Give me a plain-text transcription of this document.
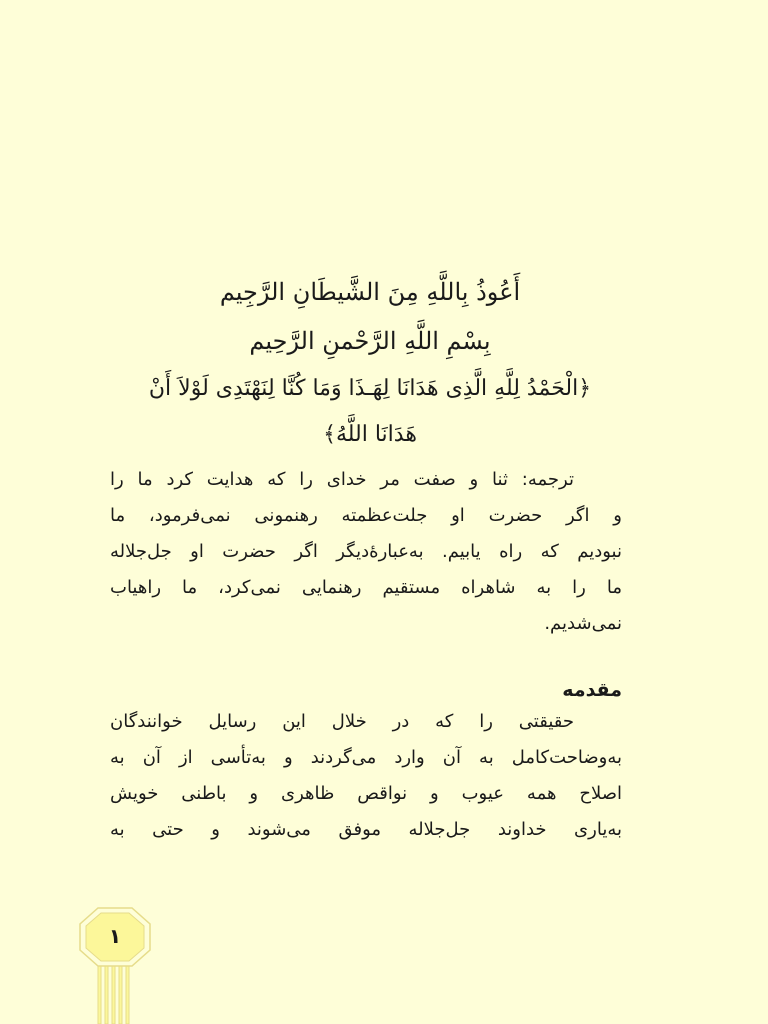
أَعُوذُ بِاللَّهِ مِنَ الشَّيطَانِ الرَّجِيم
بِسْمِ اللَّهِ الرَّحْمنِ الرَّحِيم
﴿الْحَمْدُ لِلَّهِ الَّذِی هَدَانَا لِهَـذَا وَمَا كُنَّا لِنَهْتَدِی لَوْلاَ أَنْ
هَدَانَا اللَّهُ﴾
ترجمه: ثنا و صفت مر خدای را که هدایت کرد ما را
و اگر حضرت او جلت‌عظمته رهنمونی نمی‌فرمود، ما
نبودیم که راه یابیم. به‌عبارهٔ‌دیگر اگر حضرت او جل‌جلاله
ما را به شاهراه مستقیم رهنمایی نمی‌کرد، ما راهیاب
نمی‌شدیم.
مقدمه
حقیقتی را که در خلال این رسایل خوانندگان
به‌وضاحت‌کامل به آن وارد می‌گردند و به‌تأسی از آن به
اصلاح همه عیوب و نواقص ظاهری و باطنی خویش
به‌یاری خداوند جل‌جلاله موفق می‌شوند و حتی به
۱
